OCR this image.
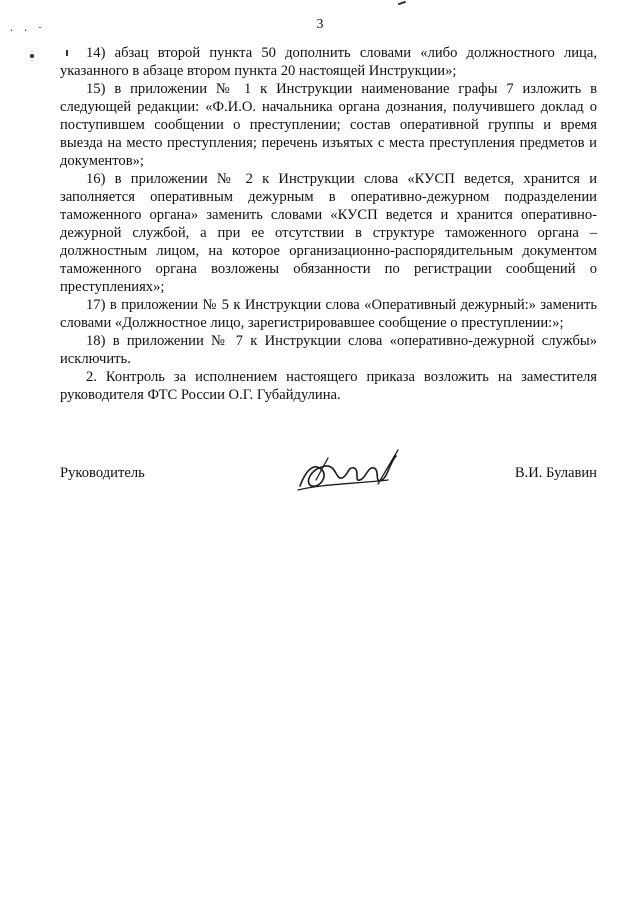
. . ·	3

14) абзац второй пункта 50 дополнить словами «либо должностного лица, указанного в абзаце втором пункта 20 настоящей Инструкции»;

15) в приложении № 1 к Инструкции наименование графы 7 изложить в следующей редакции: «Ф.И.О. начальника органа дознания, получившего доклад о поступившем сообщении о преступлении; состав оперативной группы и время выезда на место преступления; перечень изъятых с места преступления предметов и документов»;

16) в приложении № 2 к Инструкции слова «КУСП ведется, хранится и заполняется оперативным дежурным в оперативно-дежурном подразделении таможенного органа» заменить словами «КУСП ведется и хранится оперативно-дежурной службой, а при ее отсутствии в структуре таможенного органа – должностным лицом, на которое организационно-распорядительным документом таможенного органа возложены обязанности по регистрации сообщений о преступлениях»;

17) в приложении № 5 к Инструкции слова «Оперативный дежурный:» заменить словами «Должностное лицо, зарегистрировавшее сообщение о преступлении:»;

18) в приложении № 7 к Инструкции слова «оперативно-дежурной службы» исключить.

2. Контроль за исполнением настоящего приказа возложить на заместителя руководителя ФТС России О.Г. Губайдулина.

Руководитель	В.И. Булавин
